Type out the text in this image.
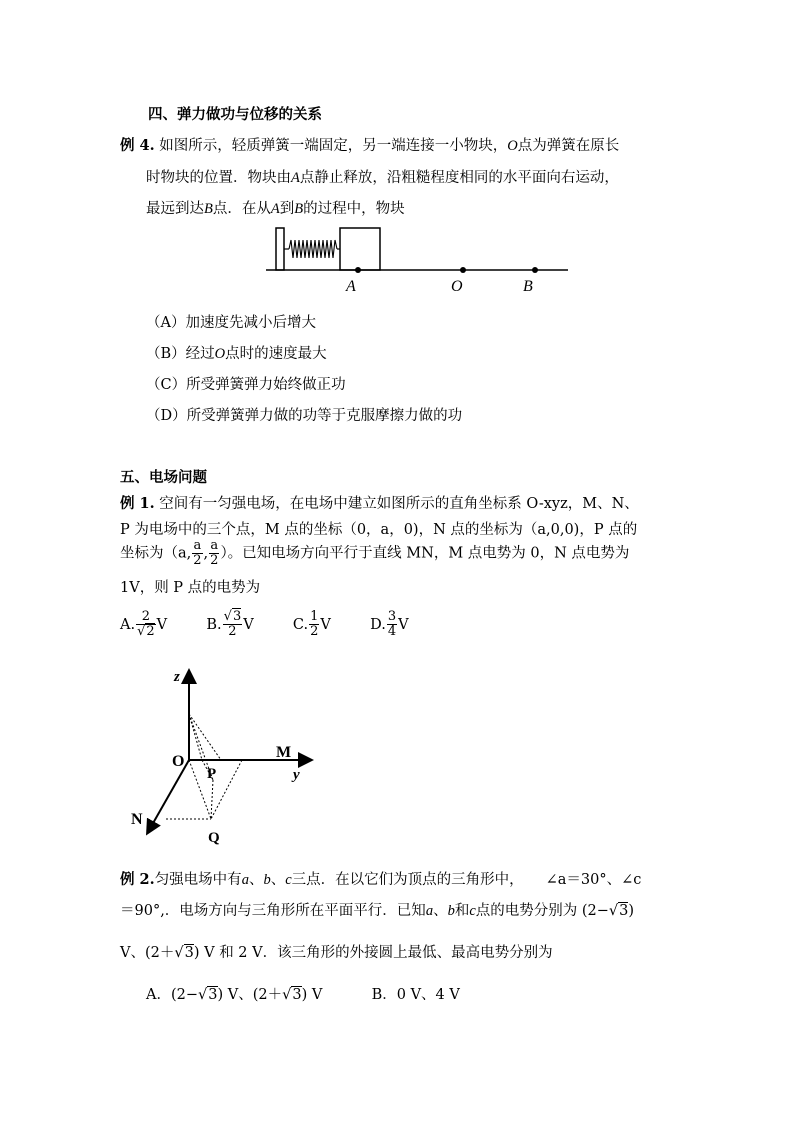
四、弹力做功与位移的关系
例 4. 如图所示，轻质弹簧一端固定，另一端连接一小物块，O点为弹簧在原长
时物块的位置．物块由A点静止释放，沿粗糙程度相同的水平面向右运动，
最远到达B点．在从A到B的过程中，物块
A	O	B
（A）加速度先减小后增大
（B）经过O点时的速度最大
（C）所受弹簧弹力始终做正功
（D）所受弹簧弹力做的功等于克服摩擦力做的功
五、电场问题
例 1. 空间有一匀强电场，在电场中建立如图所示的直角坐标系 O-xyz，M、N、
P 为电场中的三个点，M 点的坐标（0，a，0)，N 点的坐标为（a,0,0)，P 点的
坐标为（a, $\frac{a}{2}$ , $\frac{a}{2}$ ）。已知电场方向平行于直线 MN，M 点电势为 0，N 点电势为
1V，则 P 点的电势为
A. 2
√ 2 V	B. √ $\frac{3}{2}$ V	C. $\frac{1}{2}$ V	D. $\frac{3}{4}$ V
z
O
M
y
P
N
Q
例 2.匀强电场中有a、b、c三点．在以它们为顶点的三角形中， ∠a＝30°、∠c
＝90°,．电场方向与三角形所在平面平行．已知a、b和c点的电势分别为 (2− √ 3)
V、(2＋ √ 3) V 和 2 V．该三角形的外接圆上最低、最高电势分别为
A．(2− √ 3) V、(2＋ √ 3) V	B．0 V、4 V
